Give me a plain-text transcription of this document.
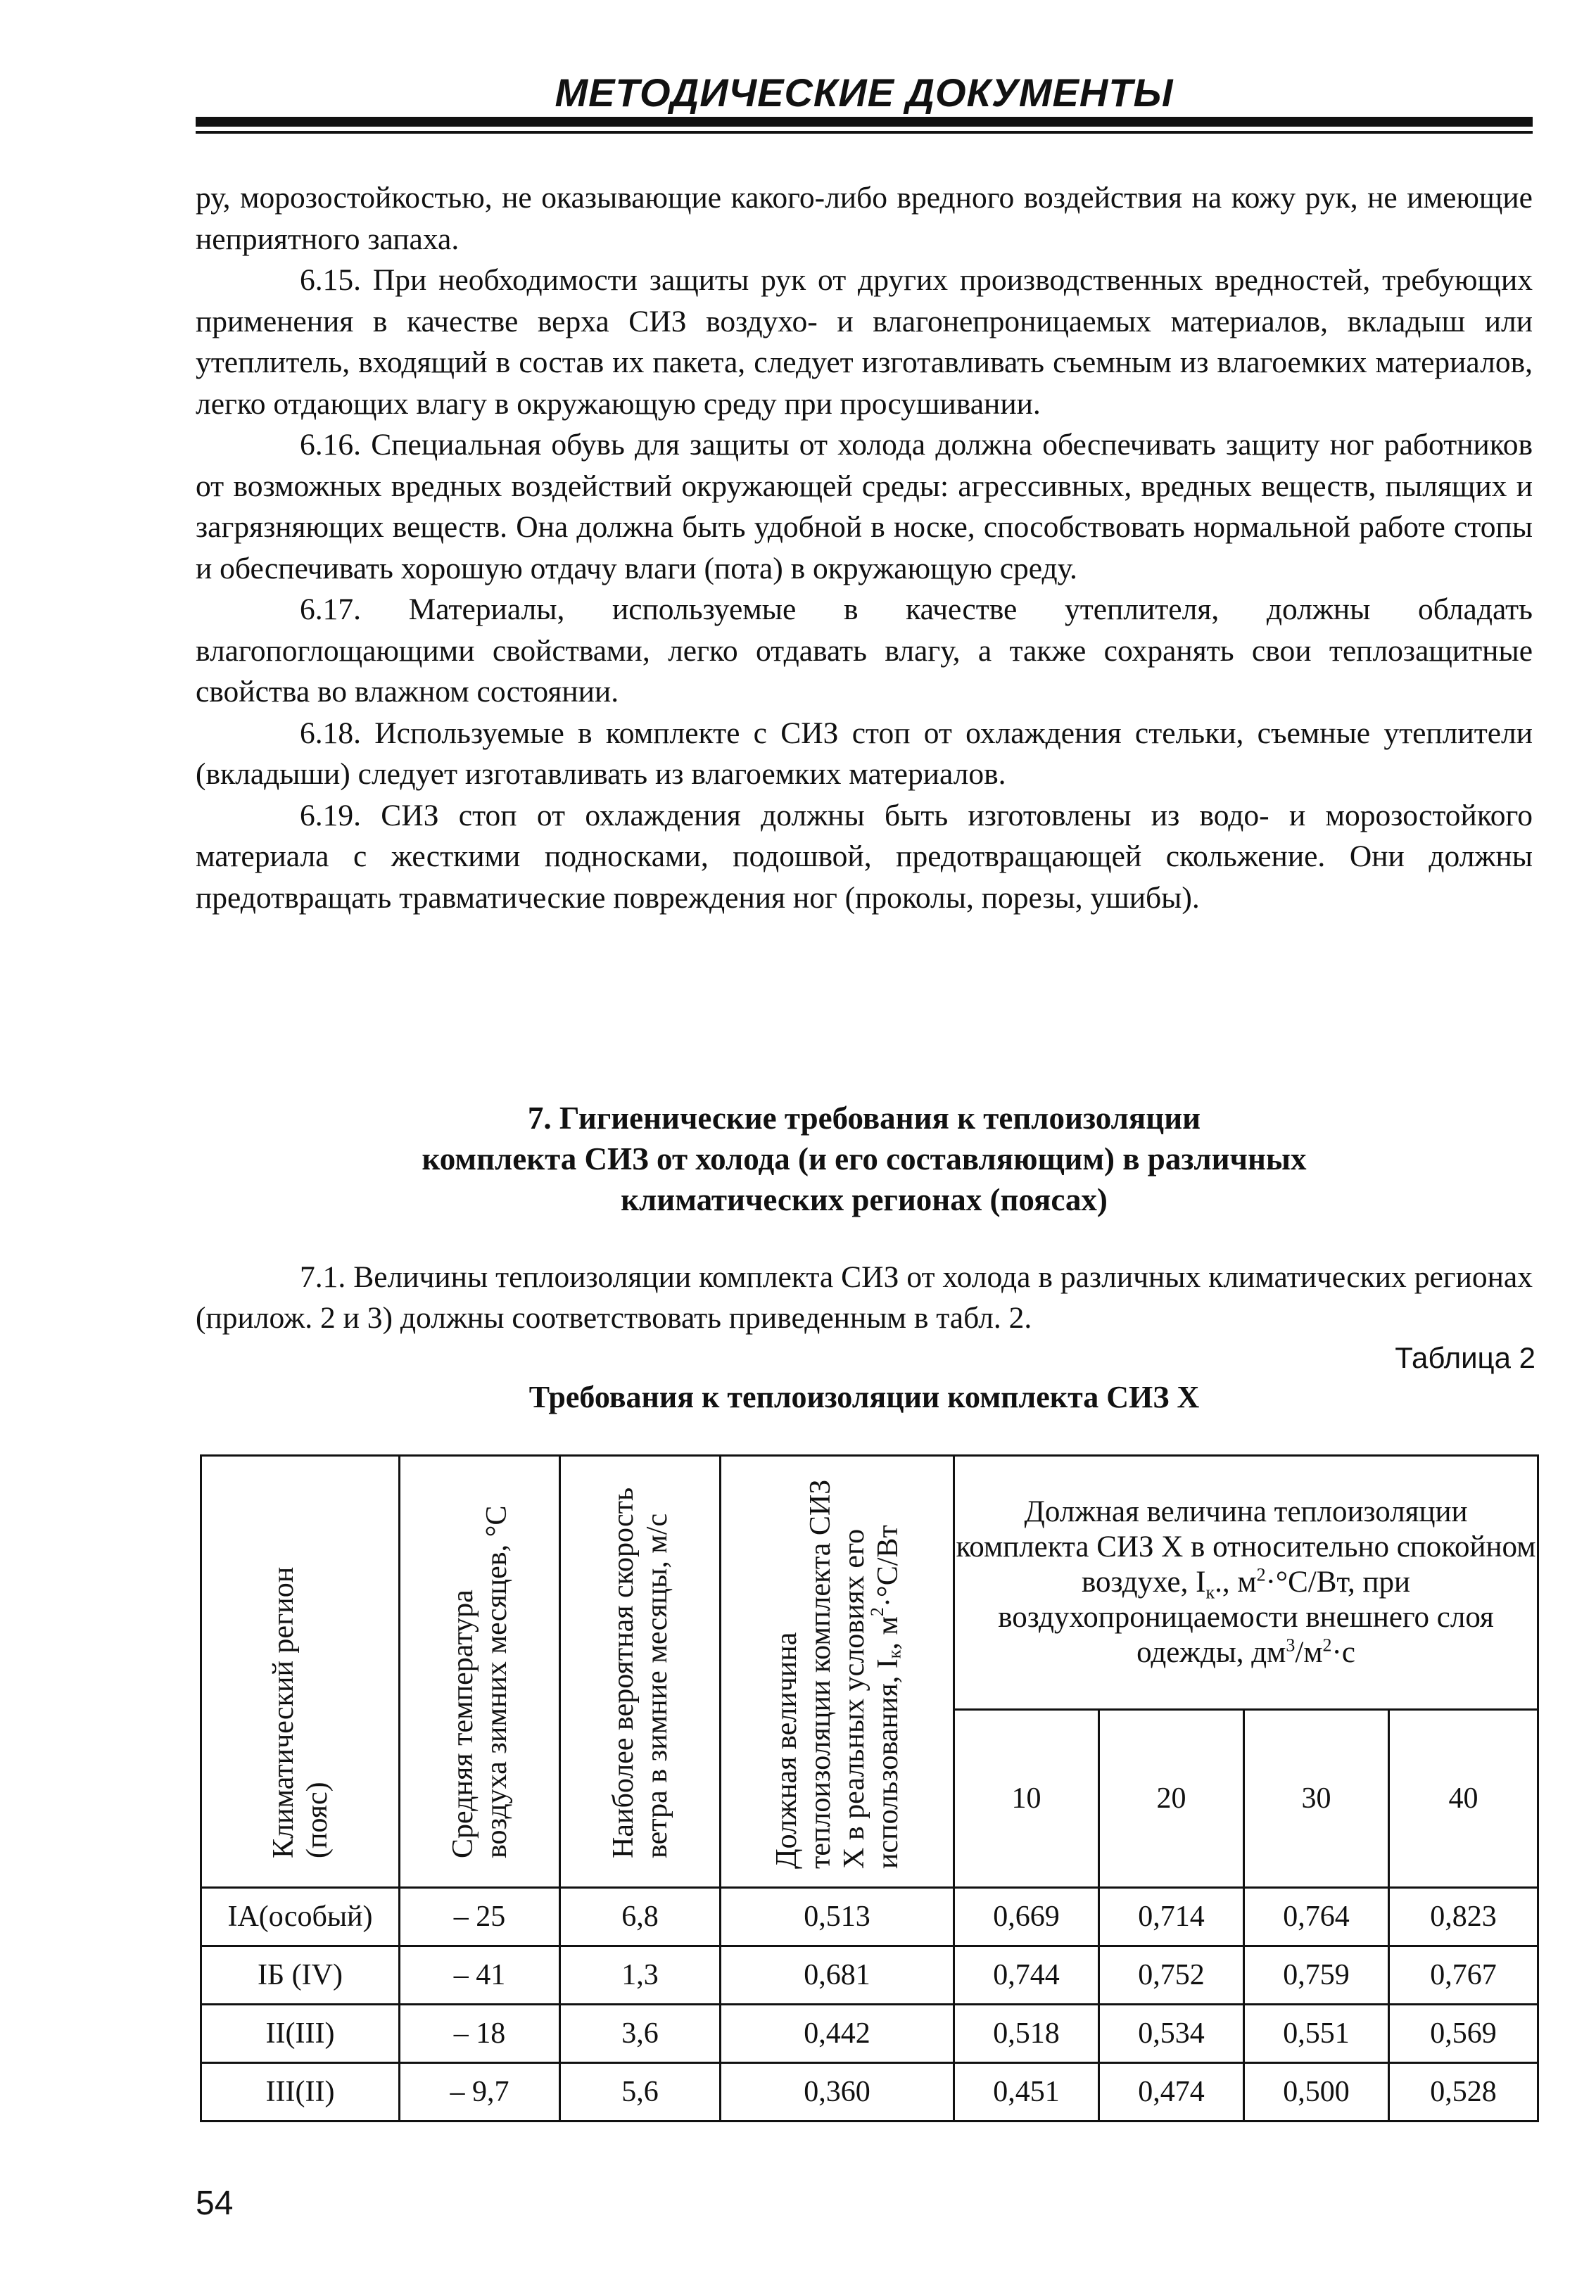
МЕТОДИЧЕСКИЕ ДОКУМЕНТЫ

ру, морозостойкостью, не оказывающие какого-либо вредного воздействия на кожу рук, не имеющие неприятного запаха.

6.15. При необходимости защиты рук от других производственных вредностей, требующих применения в качестве верха СИЗ воздухо- и влагонепроницаемых материалов, вкладыш или утеплитель, входящий в состав их пакета, следует изготавливать съемным из влагоемких материалов, легко отдающих влагу в окружающую среду при просушивании.

6.16. Специальная обувь для защиты от холода должна обеспечивать защиту ног работников от возможных вредных воздействий окружающей среды: агрессивных, вредных веществ, пылящих и загрязняющих веществ. Она должна быть удобной в носке, способствовать нормальной работе стопы и обеспечивать хорошую отдачу влаги (пота) в окружающую среду.

6.17. Материалы, используемые в качестве утеплителя, должны обладать влагопоглощающими свойствами, легко отдавать влагу, а также сохранять свои теплозащитные свойства во влажном состоянии.

6.18. Используемые в комплекте с СИЗ стоп от охлаждения стельки, съемные утеплители (вкладыши) следует изготавливать из влагоемких материалов.

6.19. СИЗ стоп от охлаждения должны быть изготовлены из водо- и морозостойкого материала с жесткими подносками, подошвой, предотвращающей скольжение. Они должны предотвращать травматические повреждения ног (проколы, порезы, ушибы).

7. Гигиенические требования к теплоизоляции
комплекта СИЗ от холода (и его составляющим) в различных
климатических регионах (поясах)

7.1. Величины теплоизоляции комплекта СИЗ от холода в различных климатических регионах (прилож. 2 и 3) должны соответствовать приведенным в табл. 2.

Таблица 2
Требования к теплоизоляции комплекта СИЗ Х
Климатический регион (пояс)	Средняя температура воздуха зимних месяцев, °С	Наиболее вероятная скорость ветра в зимние месяцы, м/с	Должная величина теплоизоляции комплекта СИЗ Х в реальных условиях его использования, $I_к$, $м^2\cdot^\circ С/Вт$	Должная величина теплоизоляции комплекта СИЗ Х в относительно спокойном воздухе, $I_к$., $м^2\cdot^\circ С/Вт$, при воздухопроницаемости внешнего слоя одежды, $дм^3/м^2\cdot с$			
				10	20	30	40
IA(особый)	– 25	6,8	0,513	0,669	0,714	0,764	0,823
IБ (IV)	– 41	1,3	0,681	0,744	0,752	0,759	0,767
II(III)	– 18	3,6	0,442	0,518	0,534	0,551	0,569
III(II)	– 9,7	5,6	0,360	0,451	0,474	0,500	0,528
54
